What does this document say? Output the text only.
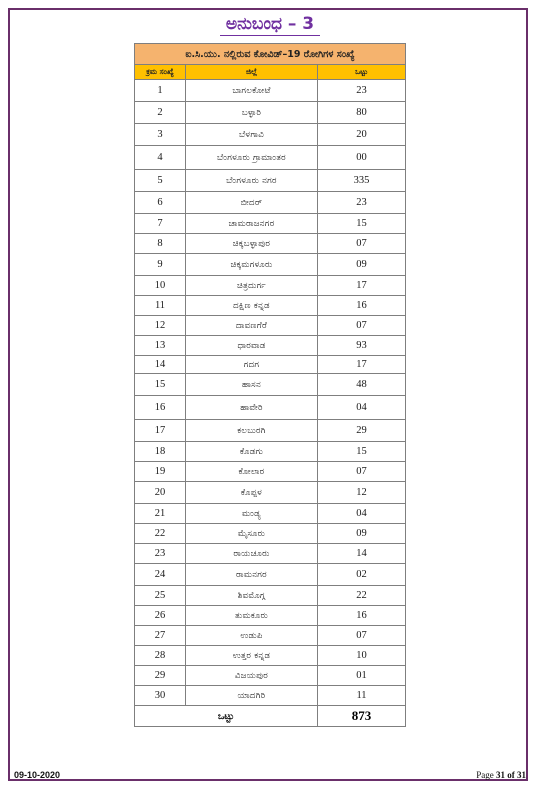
ಅನುಬಂಧ – 3
ಐ.ಸಿ.ಯು. ನಲ್ಲಿರುವ ಕೋವಿಡ್–19 ರೋಗಿಗಳ ಸಂಖ್ಯೆ		
ಕ್ರಮ ಸಂಖ್ಯೆ	ಜಿಲ್ಲೆ	ಒಟ್ಟು
1	ಬಾಗಲಕೋಟೆ	23
2	ಬಳ್ಳಾರಿ	80
3	ಬೆಳಗಾವಿ	20
4	ಬೆಂಗಳೂರು ಗ್ರಾಮಾಂತರ	00
5	ಬೆಂಗಳೂರು ನಗರ	335
6	ಬೀದರ್	23
7	ಚಾಮರಾಜನಗರ	15
8	ಚಿಕ್ಕಬಳ್ಳಾಪುರ	07
9	ಚಿಕ್ಕಮಗಳೂರು	09
10	ಚಿತ್ರದುರ್ಗ	17
11	ದಕ್ಷಿಣ ಕನ್ನಡ	16
12	ದಾವಣಗೆರೆ	07
13	ಧಾರವಾಡ	93
14	ಗದಗ	17
15	ಹಾಸನ	48
16	ಹಾವೇರಿ	04
17	ಕಲಬುರಗಿ	29
18	ಕೊಡಗು	15
19	ಕೋಲಾರ	07
20	ಕೊಪ್ಪಳ	12
21	ಮಂಡ್ಯ	04
22	ಮೈಸೂರು	09
23	ರಾಯಚೂರು	14
24	ರಾಮನಗರ	02
25	ಶಿವಮೊಗ್ಗ	22
26	ತುಮಕೂರು	16
27	ಉಡುಪಿ	07
28	ಉತ್ತರ ಕನ್ನಡ	10
29	ವಿಜಯಪುರ	01
30	ಯಾದಗಿರಿ	11
ಒಟ್ಟು		873
09-10-2020	Page 31 of 31
